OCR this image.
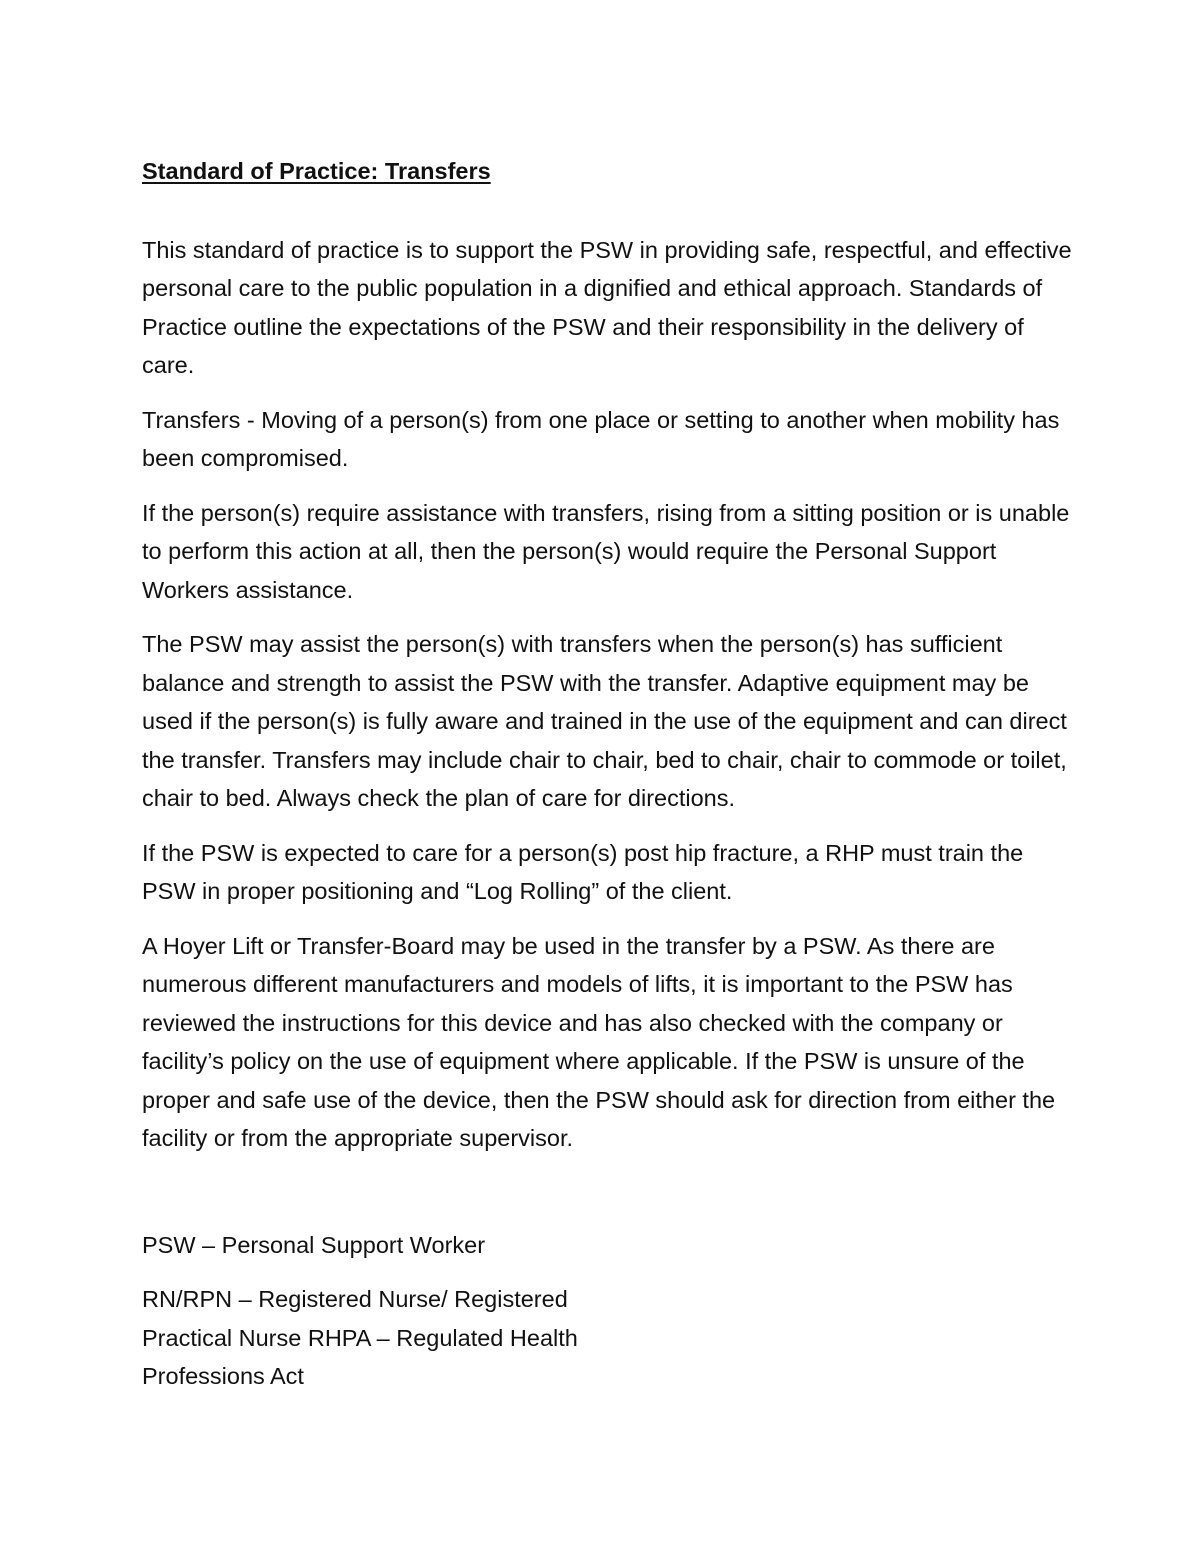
Standard of Practice: Transfers

This standard of practice is to support the PSW in providing safe, respectful, and effective personal care to the public population in a dignified and ethical approach. Standards of Practice outline the expectations of the PSW and their responsibility in the delivery of care.

Transfers - Moving of a person(s) from one place or setting to another when mobility has been compromised.

If the person(s) require assistance with transfers, rising from a sitting position or is unable to perform this action at all, then the person(s) would require the Personal Support Workers assistance.

The PSW may assist the person(s) with transfers when the person(s) has sufficient balance and strength to assist the PSW with the transfer. Adaptive equipment may be used if the person(s) is fully aware and trained in the use of the equipment and can direct the transfer. Transfers may include chair to chair, bed to chair, chair to commode or toilet, chair to bed. Always check the plan of care for directions.

If the PSW is expected to care for a person(s) post hip fracture, a RHP must train the PSW in proper positioning and “Log Rolling” of the client.

A Hoyer Lift or Transfer-Board may be used in the transfer by a PSW. As there are numerous different manufacturers and models of lifts, it is important to the PSW has reviewed the instructions for this device and has also checked with the company or facility’s policy on the use of equipment where applicable. If the PSW is unsure of the proper and safe use of the device, then the PSW should ask for direction from either the facility or from the appropriate supervisor.

PSW – Personal Support Worker

RN/RPN – Registered Nurse/ Registered
Practical Nurse RHPA – Regulated Health
Professions Act
